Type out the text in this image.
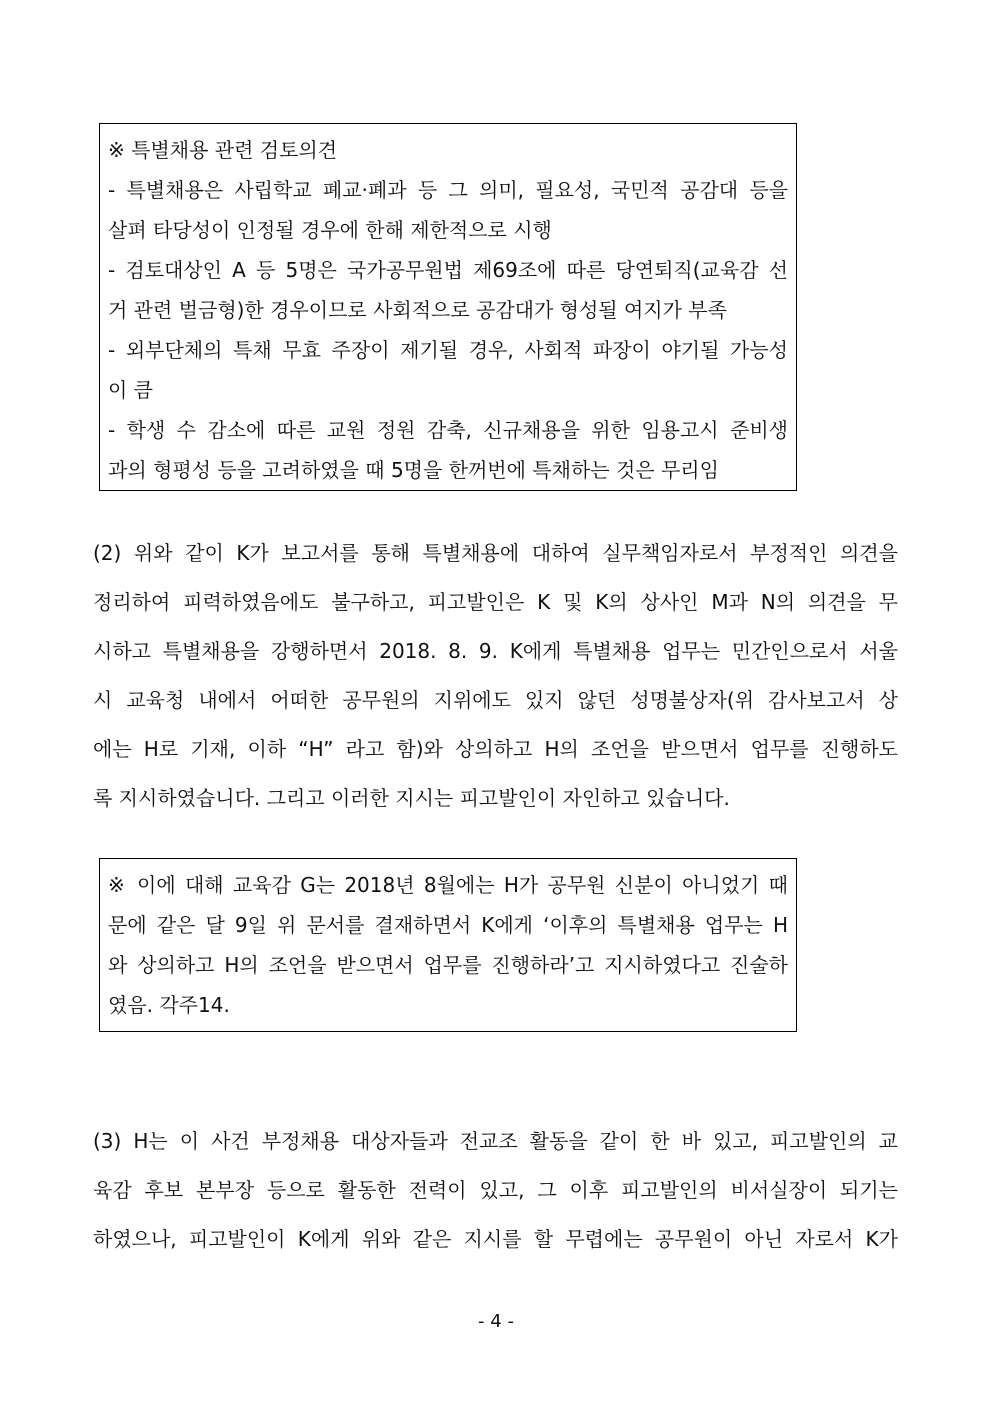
※ 특별채용 관련 검토의견
- 특별채용은 사립학교 폐교·폐과 등 그 의미, 필요성, 국민적 공감대 등을
살펴 타당성이 인정될 경우에 한해 제한적으로 시행
- 검토대상인 A 등 5명은 국가공무원법 제69조에 따른 당연퇴직(교육감 선
거 관련 벌금형)한 경우이므로 사회적으로 공감대가 형성될 여지가 부족
- 외부단체의 특채 무효 주장이 제기될 경우, 사회적 파장이 야기될 가능성
이 큼
- 학생 수 감소에 따른 교원 정원 감축, 신규채용을 위한 임용고시 준비생
과의 형평성 등을 고려하였을 때 5명을 한꺼번에 특채하는 것은 무리임
(2) 위와 같이 K가 보고서를 통해 특별채용에 대하여 실무책임자로서 부정적인 의견을
정리하여 피력하였음에도 불구하고, 피고발인은 K 및 K의 상사인 M과 N의 의견을 무
시하고 특별채용을 강행하면서 2018. 8. 9. K에게 특별채용 업무는 민간인으로서 서울
시 교육청 내에서 어떠한 공무원의 지위에도 있지 않던 성명불상자(위 감사보고서 상
에는 H로 기재, 이하 “H” 라고 함)와 상의하고 H의 조언을 받으면서 업무를 진행하도
록 지시하였습니다. 그리고 이러한 지시는 피고발인이 자인하고 있습니다.
※ 이에 대해 교육감 G는 2018년 8월에는 H가 공무원 신분이 아니었기 때
문에 같은 달 9일 위 문서를 결재하면서 K에게 ‘이후의 특별채용 업무는 H
와 상의하고 H의 조언을 받으면서 업무를 진행하라’고 지시하였다고 진술하
였음. 각주14.
(3) H는 이 사건 부정채용 대상자들과 전교조 활동을 같이 한 바 있고, 피고발인의 교
육감 후보 본부장 등으로 활동한 전력이 있고, 그 이후 피고발인의 비서실장이 되기는
하였으나, 피고발인이 K에게 위와 같은 지시를 할 무렵에는 공무원이 아닌 자로서 K가
- 4 -
